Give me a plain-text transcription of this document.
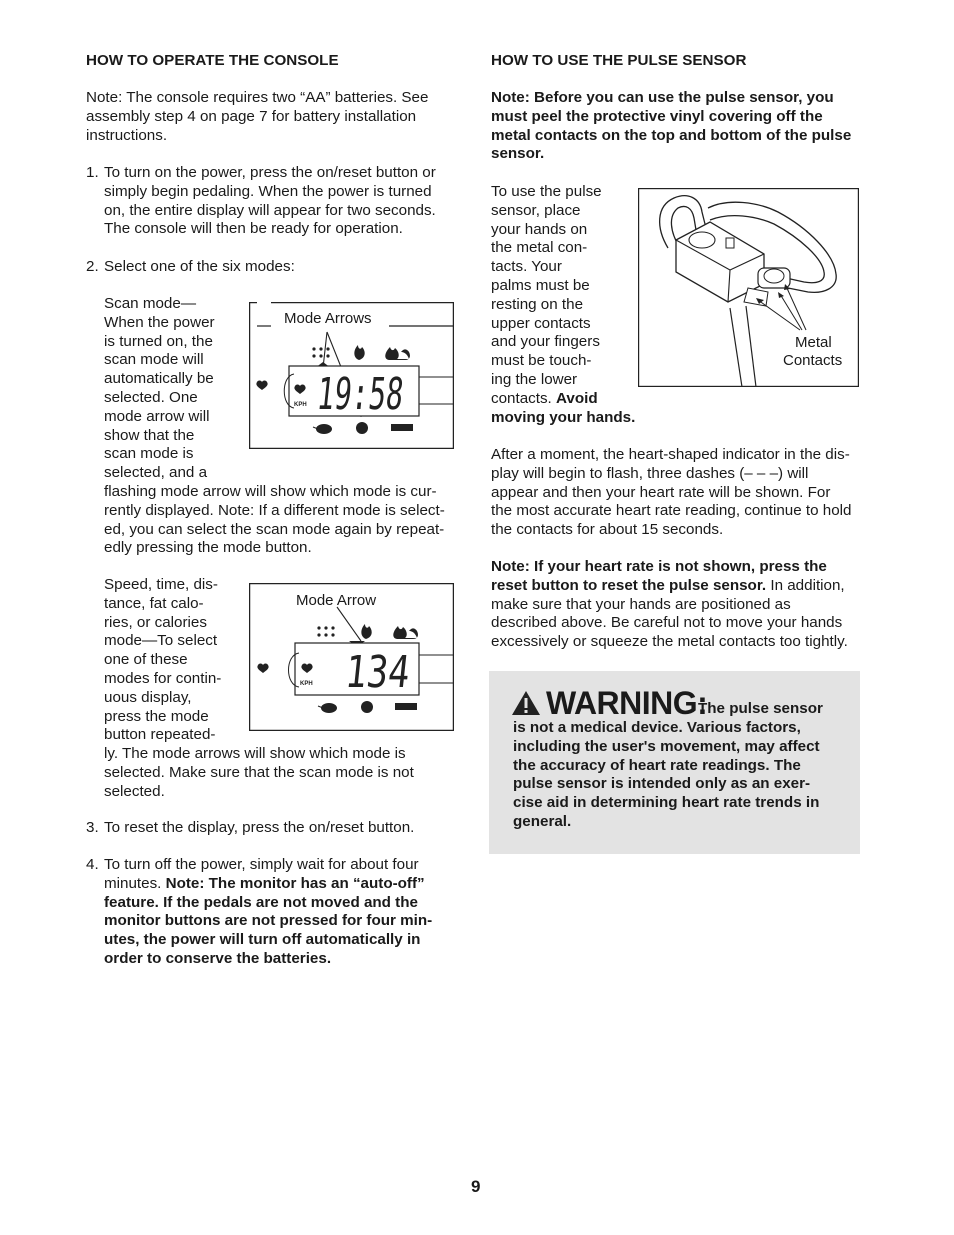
HOW TO OPERATE THE CONSOLE

Note: The console requires two “AA” batteries. See assembly step 4 on page 7 for battery installation instructions.

1. To turn on the power, press the on/reset button or
simply begin pedaling. When the power is turned
on, the entire display will appear for two seconds.
The console will then be ready for operation.
2. Select one of the six modes:
Scan mode—
When the power
is turned on, the
scan mode will
automatically be
selected. One
mode arrow will
show that the
scan mode is
selected, and a
flashing mode arrow will show which mode is cur-
rently displayed. Note: If a different mode is select-
ed, you can select the scan mode again by repeat-
edly pressing the mode button.
KPH 19:58
Mode Arrows
Speed, time, dis-
tance, fat calo-
ries, or calories
mode—To select
one of these
modes for contin-
uous display,
press the mode
button repeated-
ly. The mode arrows will show which mode is
selected. Make sure that the scan mode is not
selected.
KPH 134
Mode Arrow
3. To reset the display, press the on/reset button.
4. To turn off the power, simply wait for about four
minutes. Note: The monitor has an “auto-off”
feature. If the pedals are not moved and the
monitor buttons are not pressed for four min-
utes, the power will turn off automatically in
order to conserve the batteries.
HOW TO USE THE PULSE SENSOR
Note: Before you can use the pulse sensor, you
must peel the protective vinyl covering off the
metal contacts on the top and bottom of the pulse
sensor.
To use the pulse
sensor, place
your hands on
the metal con-
tacts. Your
palms must be
resting on the
upper contacts
and your fingers
must be touch-
ing the lower
contacts. Avoid
moving your hands.
Metal
Contacts
After a moment, the heart-shaped indicator in the dis-
play will begin to flash, three dashes (– – –) will
appear and then your heart rate will be shown. For
the most accurate heart rate reading, continue to hold
the contacts for about 15 seconds.
Note: If your heart rate is not shown, press the
reset button to reset the pulse sensor. In addition,
make sure that your hands are positioned as
described above. Be careful not to move your hands
excessively or squeeze the metal contacts too tightly.
WARNING:
The pulse sensor
is not a medical device. Various factors,
including the user's movement, may affect
the accuracy of heart rate readings. The
pulse sensor is intended only as an exer-
cise aid in determining heart rate trends in
general.
9
